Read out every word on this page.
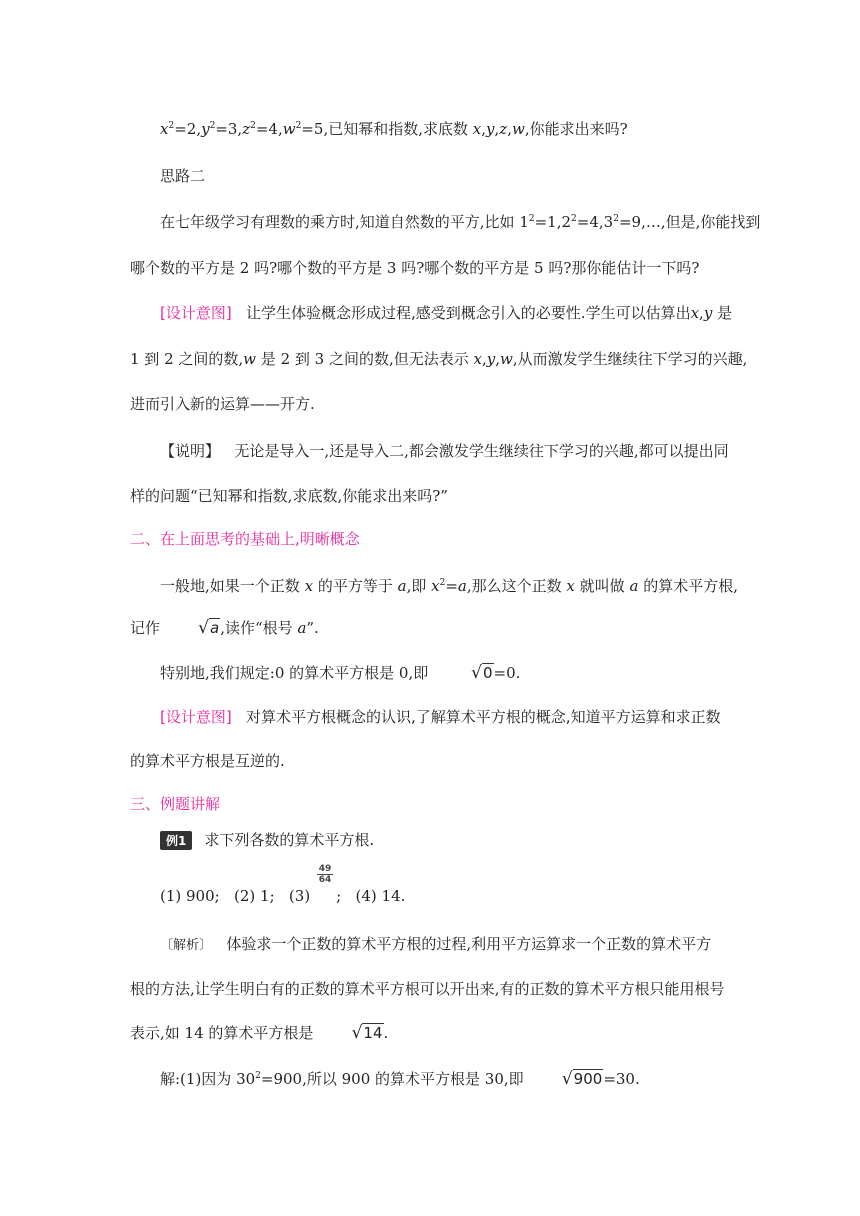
$x^2=2,y^2=3,z^2=4,w^2=5$,已知幂和指数,求底数 x,y,z,w,你能求出来吗?
思路二
在七年级学习有理数的乘方时,知道自然数的平方,比如 $1^2=1,2^2=4,3^2=9,\dots$,但是,你能找到
哪个数的平方是 2 吗?哪个数的平方是 3 吗?哪个数的平方是 5 吗?那你能估计一下吗?
[设计意图] 让学生体验概念形成过程,感受到概念引入的必要性.学生可以估算出x,y 是
1 到 2 之间的数,w 是 2 到 3 之间的数,但无法表示 x,y,w,从而激发学生继续往下学习的兴趣,
进而引入新的运算——开方.
【说明】 无论是导入一,还是导入二,都会激发学生继续往下学习的兴趣,都可以提出同
样的问题“已知幂和指数,求底数,你能求出来吗?”
二、在上面思考的基础上,明晰概念
一般地,如果一个正数 x 的平方等于 a,即 $x^2=a$,那么这个正数 x 就叫做 a 的算术平方根,
记作 √a,读作“根号 a”.
特别地,我们规定:0 的算术平方根是 0,即	√0=0.
[设计意图] 对算术平方根概念的认识,了解算术平方根的概念,知道平方运算和求正数
的算术平方根是互逆的.
三、例题讲解
例1 求下列各数的算术平方根.
$\frac{49}{64}$
(1) 900;   (2) 1;   (3) ;   (4) 14.
〔解析〕 体验求一个正数的算术平方根的过程,利用平方运算求一个正数的算术平方
根的方法,让学生明白有的正数的算术平方根可以开出来,有的正数的算术平方根只能用根号
表示,如 14 的算术平方根是 √14.
解:(1)因为 $30^2=900$,所以 900 的算术平方根是 30,即 √900=30.
